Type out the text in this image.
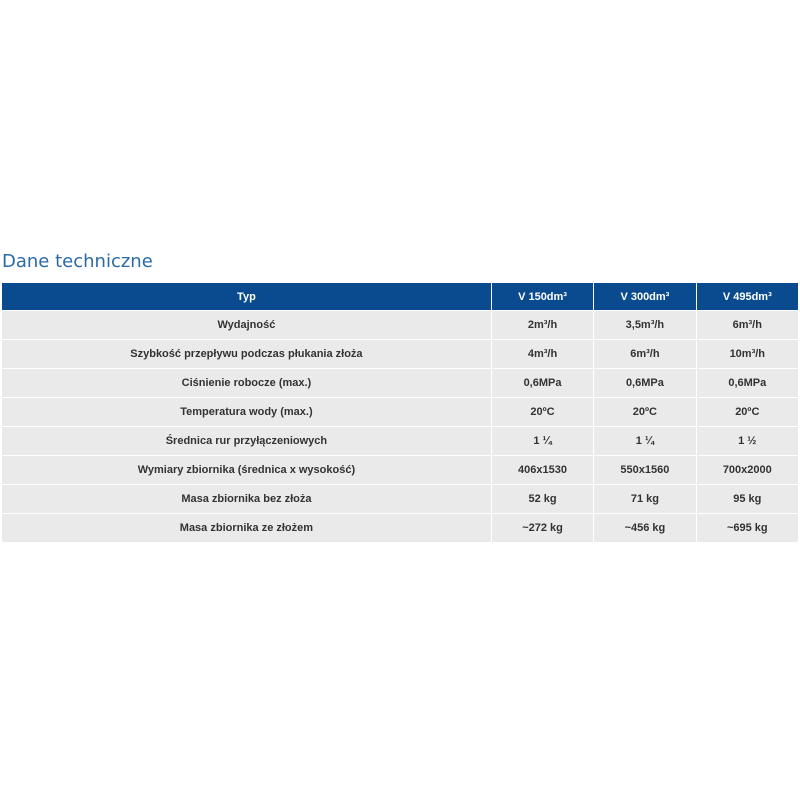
Dane techniczne
Typ	V 150dm³	V 300dm³	V 495dm³
Wydajność	2m³/h	3,5m³/h	6m³/h
Szybkość przepływu podczas płukania złoża	4m³/h	6m³/h	10m³/h
Ciśnienie robocze (max.)	0,6MPa	0,6MPa	0,6MPa
Temperatura wody (max.)	20ºC	20ºC	20ºC
Średnica rur przyłączeniowych	1 ¼	1 ¼	1 ½
Wymiary zbiornika (średnica x wysokość)	406x1530	550x1560	700x2000
Masa zbiornika bez złoża	52 kg	71 kg	95 kg
Masa zbiornika ze złożem	~272 kg	~456 kg	~695 kg
